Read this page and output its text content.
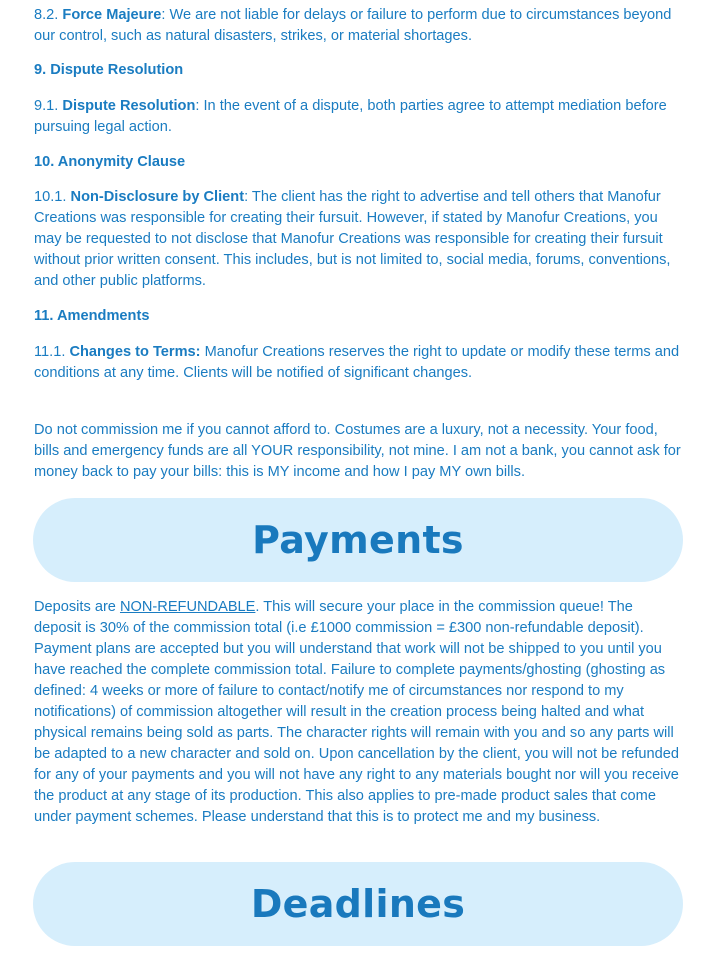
8.2. Force Majeure: We are not liable for delays or failure to perform due to circumstances beyond our control, such as natural disasters, strikes, or material shortages.

9. Dispute Resolution

9.1. Dispute Resolution: In the event of a dispute, both parties agree to attempt mediation before pursuing legal action.

10. Anonymity Clause

10.1. Non-Disclosure by Client: The client has the right to advertise and tell others that Manofur Creations was responsible for creating their fursuit. However, if stated by Manofur Creations, you may be requested to not disclose that Manofur Creations was responsible for creating their fursuit without prior written consent. This includes, but is not limited to, social media, forums, conventions, and other public platforms.

11. Amendments

11.1. Changes to Terms: Manofur Creations reserves the right to update or modify these terms and conditions at any time. Clients will be notified of significant changes.

Do not commission me if you cannot afford to. Costumes are a luxury, not a necessity. Your food, bills and emergency funds are all YOUR responsibility, not mine. I am not a bank, you cannot ask for money back to pay your bills: this is MY income and how I pay MY own bills.

Payments

Deposits are NON-REFUNDABLE. This will secure your place in the commission queue! The deposit is 30% of the commission total (i.e £1000 commission = £300 non-refundable deposit). Payment plans are accepted but you will understand that work will not be shipped to you until you have reached the complete commission total. Failure to complete payments/ghosting (ghosting as defined: 4 weeks or more of failure to contact/notify me of circumstances nor respond to my notifications) of commission altogether will result in the creation process being halted and what physical remains being sold as parts. The character rights will remain with you and so any parts will be adapted to a new character and sold on. Upon cancellation by the client, you will not be refunded for any of your payments and you will not have any right to any materials bought nor will you receive the product at any stage of its production. This also applies to pre-made product sales that come under payment schemes. Please understand that this is to protect me and my business.

Deadlines
